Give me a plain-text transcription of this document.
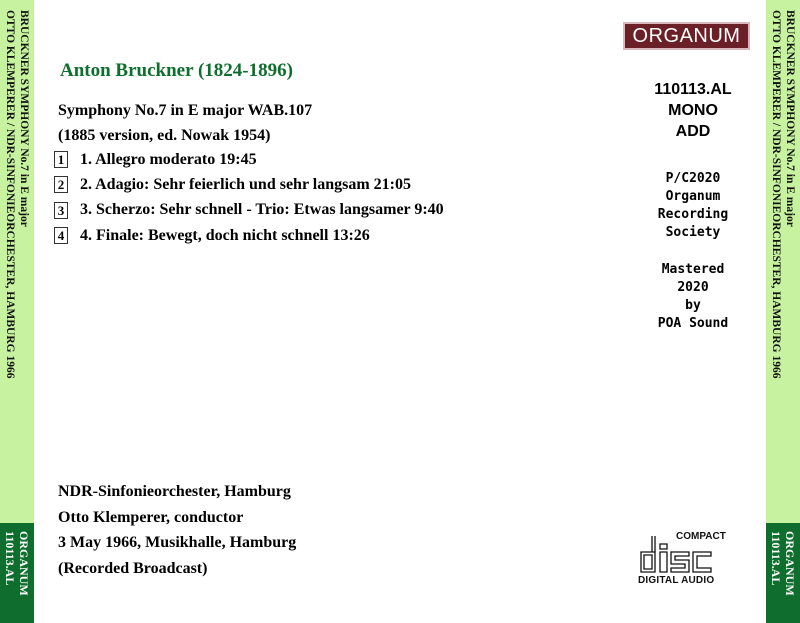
BRUCKNER SYMPHONY No.7 in E major
OTTO KLEMPERER / NDR-SINFONIEORCHESTER, HAMBURG 1966
ORGANUM
110113.AL
BRUCKNER SYMPHONY No.7 in E major
OTTO KLEMPERER / NDR-SINFONIEORCHESTER, HAMBURG 1966
ORGANUM
110113.AL
Anton Bruckner (1824-1896)
Symphony No.7 in E major WAB.107
(1885 version, ed. Nowak 1954)
1 1. Allegro moderato 19:45
2 2. Adagio: Sehr feierlich und sehr langsam 21:05
3 3. Scherzo: Sehr schnell - Trio: Etwas langsamer 9:40
4 4. Finale: Bewegt, doch nicht schnell 13:26
NDR-Sinfonieorchester, Hamburg
Otto Klemperer, conductor
3 May 1966, Musikhalle, Hamburg
(Recorded Broadcast)
ORGANUM
110113.AL
MONO
ADD
P/C2020
Organum
Recording
Society
Mastered
2020
by
POA Sound
COMPACT
DIGITAL AUDIO
